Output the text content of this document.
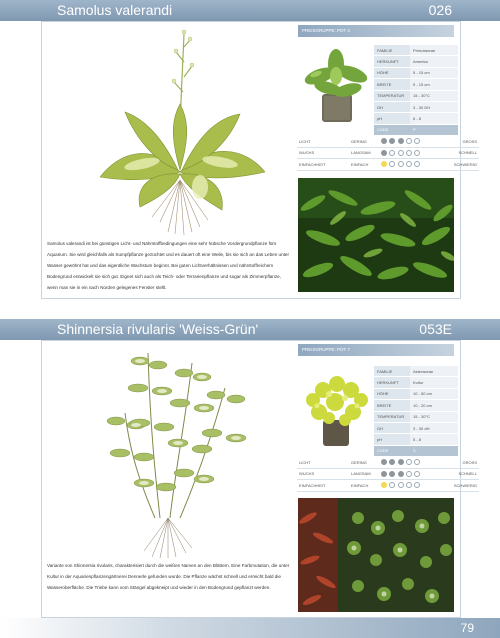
Samolus valerandi	026
PREISGRUPPE: POT 4
FAMILIE	Primulaceae
HERKUNFT	Amerika
HÖHE	5 - 15 cm
BREITE	5 - 15 cm
TEMPERATUR	15 - 30°C
GH	3 - 30 DH
pH	6 - 8
CODE	P
LICHT	GERING		GROSS
WUCHS	LANGSAM		SCHNELL
EINFACHHEIT	EINFACH		SCHWIERIG
Samolus valerandi ist bei günstigen Licht- und Nährstoffbedingungen eine sehr hübsche Vordergrundpflanze fürs Aquarium. Sie wird gleichfalls als Sumpfpflanze gezüchtet und es dauert oft eine Weile, bis sie sich an das Leben unter Wasser gewöhnt hat und das eigentliche Wachstum beginnt. Bei guten Lichtverhältnissen und nährstoffreichem Bodengrund entwickelt sie sich gut. Eignet sich auch als Teich- oder Terrarienpflanze und sogar als Zimmerpflanze, wenn man sie in ein nach Norden gelegenes Fenster stellt.
Shinnersia rivularis 'Weiss-Grün'	053E
PREISGRUPPE: POT 7
FAMILIE	Asteraceae
HERKUNFT	Kultur
HÖHE	10 - 50 cm
BREITE	10 - 20 cm
TEMPERATUR	15 - 30°C
GH	3 - 30 dH
pH	5 - 8
CODE	S
LICHT	GERING		GROSS
WUCHS	LANGSAM		SCHNELL
EINFACHHEIT	EINFACH		SCHWIERIG
Variante von Shinnersia rivularis, charakterisiert durch die weißen Narven an den Blättern. Eine Farbmutation, die unter Kultur in der Aquarienpflanzengärtnerei Dennerle gefunden wurde. Die Pflanze wächst schnell und erreicht bald die Wasseroberfläche. Die Triebe kann vom Stängel abgekneipt und wieder in den Bodengrund gepflanzt werden.
79
